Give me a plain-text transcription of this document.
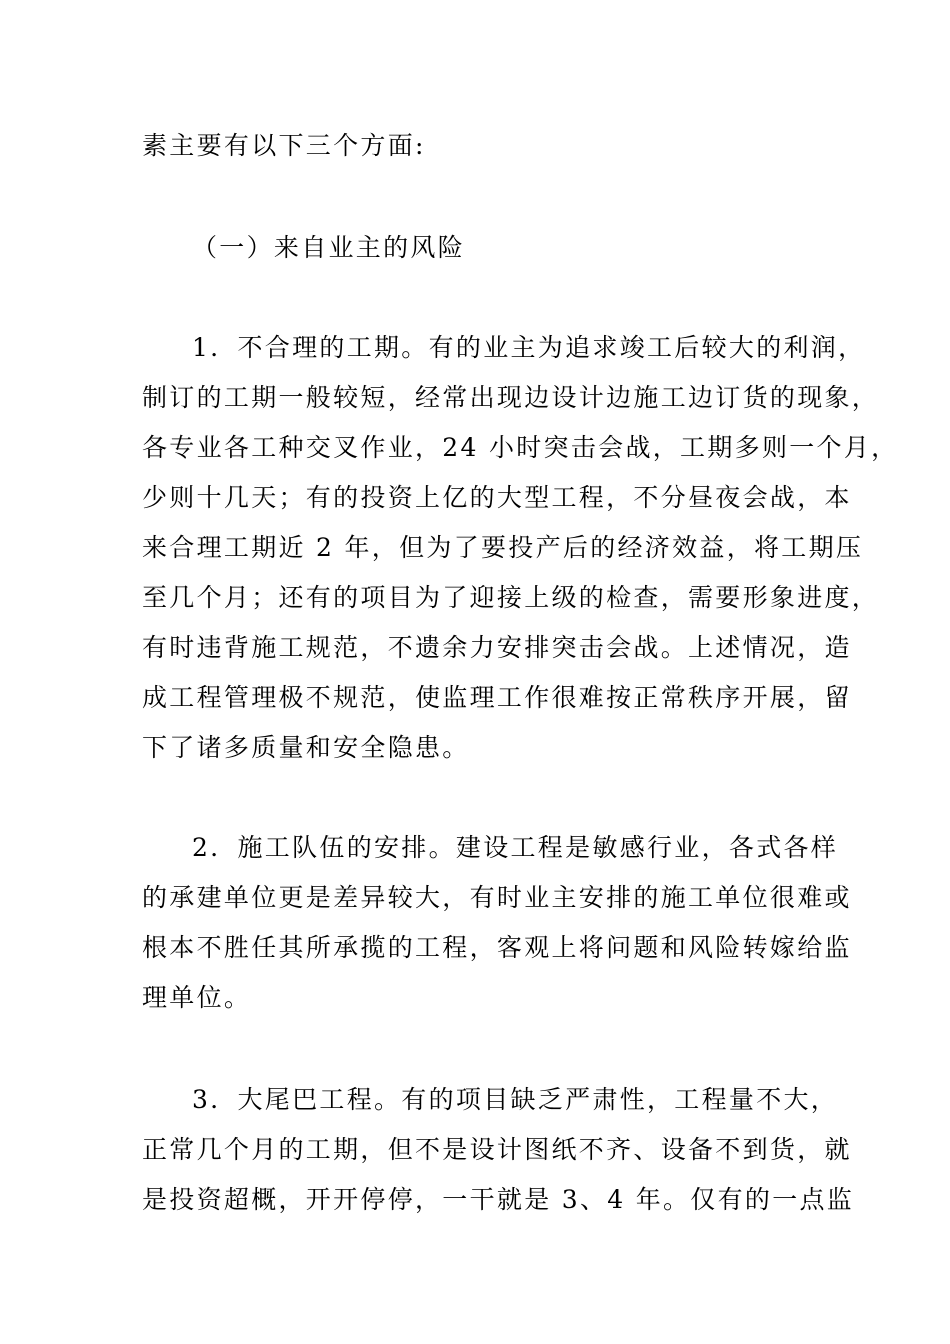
素主要有以下三个方面:
（一）来自业主的风险
1．不合理的工期。有的业主为追求竣工后较大的利润，
制订的工期一般较短，经常出现边设计边施工边订货的现象，
各专业各工种交叉作业，24 小时突击会战，工期多则一个月，
少则十几天；有的投资上亿的大型工程，不分昼夜会战，本
来合理工期近 2 年，但为了要投产后的经济效益，将工期压
至几个月；还有的项目为了迎接上级的检查，需要形象进度，
有时违背施工规范，不遗余力安排突击会战。上述情况，造
成工程管理极不规范，使监理工作很难按正常秩序开展，留
下了诸多质量和安全隐患。
2．施工队伍的安排。建设工程是敏感行业，各式各样
的承建单位更是差异较大，有时业主安排的施工单位很难或
根本不胜任其所承揽的工程，客观上将问题和风险转嫁给监
理单位。
3．大尾巴工程。有的项目缺乏严肃性，工程量不大，
正常几个月的工期，但不是设计图纸不齐、设备不到货，就
是投资超概，开开停停，一干就是 3、4 年。仅有的一点监
